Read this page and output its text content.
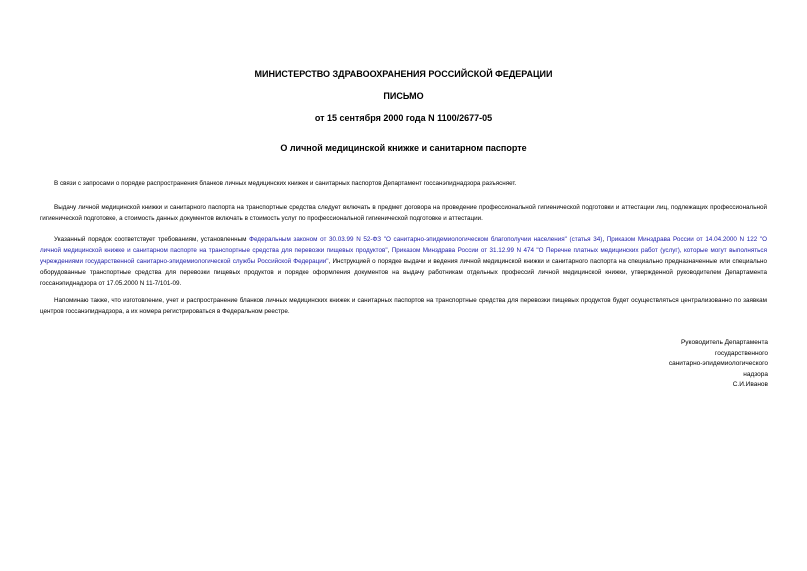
МИНИСТЕРСТВО ЗДРАВООХРАНЕНИЯ РОССИЙСКОЙ ФЕДЕРАЦИИ
ПИСЬМО
от 15 сентября 2000 года N 1100/2677-05
О личной медицинской книжке и санитарном паспорте

В связи с запросами о порядке распространения бланков личных медицинских книжек и санитарных паспортов Департамент госсанэпиднадзора разъясняет.

Выдачу личной медицинской книжки и санитарного паспорта на транспортные средства следует включать в предмет договора на проведение профессиональной гигиенической подготовки и аттестации лиц, подлежащих профессиональной гигиенической подготовке, а стоимость данных документов включать в стоимость услуг по профессиональной гигиенической подготовке и аттестации.

Указанный порядок соответствует требованиям, установленным Федеральным законом от 30.03.99 N 52-ФЗ "О санитарно-эпидемиологическом благополучии населения" (статья 34), Приказом Минздрава России от 14.04.2000 N 122 "О личной медицинской книжке и санитарном паспорте на транспортные средства для перевозки пищевых продуктов", Приказом Минздрава России от 31.12.99 N 474 "О Перечне платных медицинских работ (услуг), которые могут выполняться учреждениями государственной санитарно-эпидемиологической службы Российской Федерации", Инструкцией о порядке выдачи и ведения личной медицинской книжки и санитарного паспорта на специально предназначенные или специально оборудованные транспортные средства для перевозки пищевых продуктов и порядке оформления документов на выдачу работникам отдельных профессий личной медицинской книжки, утвержденной руководителем Департамента госсанэпиднадзора от 17.05.2000 N 11-7/101-09.

Напоминаю также, что изготовление, учет и распространение бланков личных медицинских книжек и санитарных паспортов на транспортные средства для перевозки пищевых продуктов будет осуществляться централизованно по заявкам центров госсанэпиднадзора, а их номера регистрироваться в Федеральном реестре.

Руководитель Департамента
государственного
санитарно-эпидемиологического
надзора
С.И.Иванов
